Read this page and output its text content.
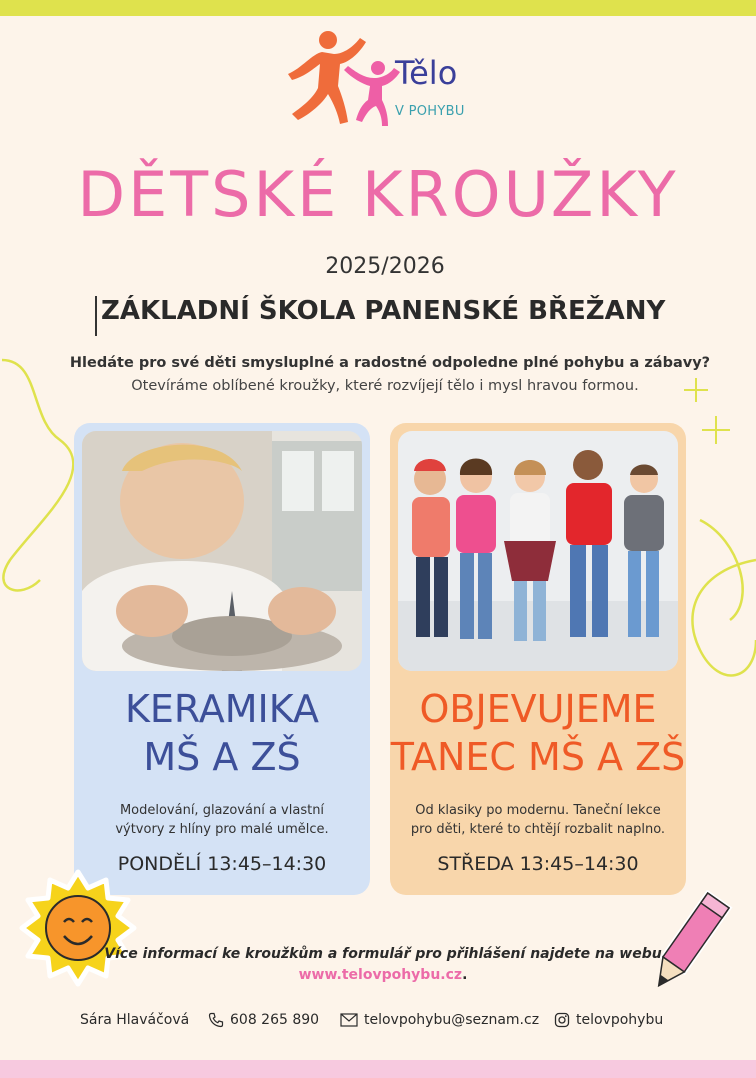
Tělo
V POHYBU
DĚTSKÉ KROUŽKY
2025/2026
ZÁKLADNÍ ŠKOLA PANENSKÉ BŘEŽANY
Hledáte pro své děti smysluplné a radostné odpoledne plné pohybu a zábavy?
Otevíráme oblíbené kroužky, které rozvíjejí tělo i mysl hravou formou.
KERAMIKA
MŠ A ZŠ
Modelování, glazování a vlastní
výtvory z hlíny pro malé umělce.
PONDĚLÍ 13:45–14:30
OBJEVUJEME
TANEC MŠ A ZŠ
Od klasiky po modernu. Taneční lekce
pro děti, které to chtějí rozbalit naplno.
STŘEDA 13:45–14:30
Více informací ke kroužkům a formulář pro přihlášení najdete na webu
www.telovpohybu.cz.
Sára Hlaváčová	608 265 890	telovpohybu@seznam.cz	telovpohybu
